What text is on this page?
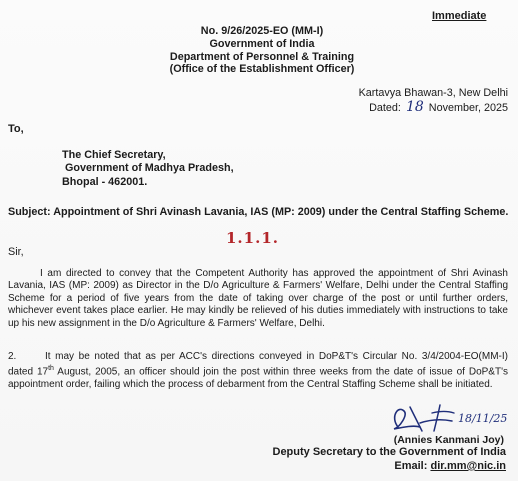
Immediate
No. 9/26/2025-EO (MM-I)
Government of India
Department of Personnel & Training
(Office of the Establishment Officer)
Kartavya Bhawan-3, New Delhi
Dated: 18 November, 2025
To,
The Chief Secretary,
Government of Madhya Pradesh,
Bhopal - 462001.
Subject: Appointment of Shri Avinash Lavania, IAS (MP: 2009) under the Central Staffing Scheme.
1.1.1.
Sir,
I am directed to convey that the Competent Authority has approved the appointment of Shri Avinash Lavania, IAS (MP: 2009) as Director in the D/o Agriculture & Farmers' Welfare, Delhi under the Central Staffing Scheme for a period of five years from the date of taking over charge of the post or until further orders, whichever event takes place earlier. He may kindly be relieved of his duties immediately with instructions to take up his new assignment in the D/o Agriculture & Farmers' Welfare, Delhi.
2.	It may be noted that as per ACC's directions conveyed in DoP&T's Circular No. 3/4/2004-EO(MM-I) dated 17th August, 2005, an officer should join the post within three weeks from the date of issue of DoP&T's appointment order, failing which the process of debarment from the Central Staffing Scheme shall be initiated.
18/11/25
(Annies Kanmani Joy)
Deputy Secretary to the Government of India
Email: dir.mm@nic.in
